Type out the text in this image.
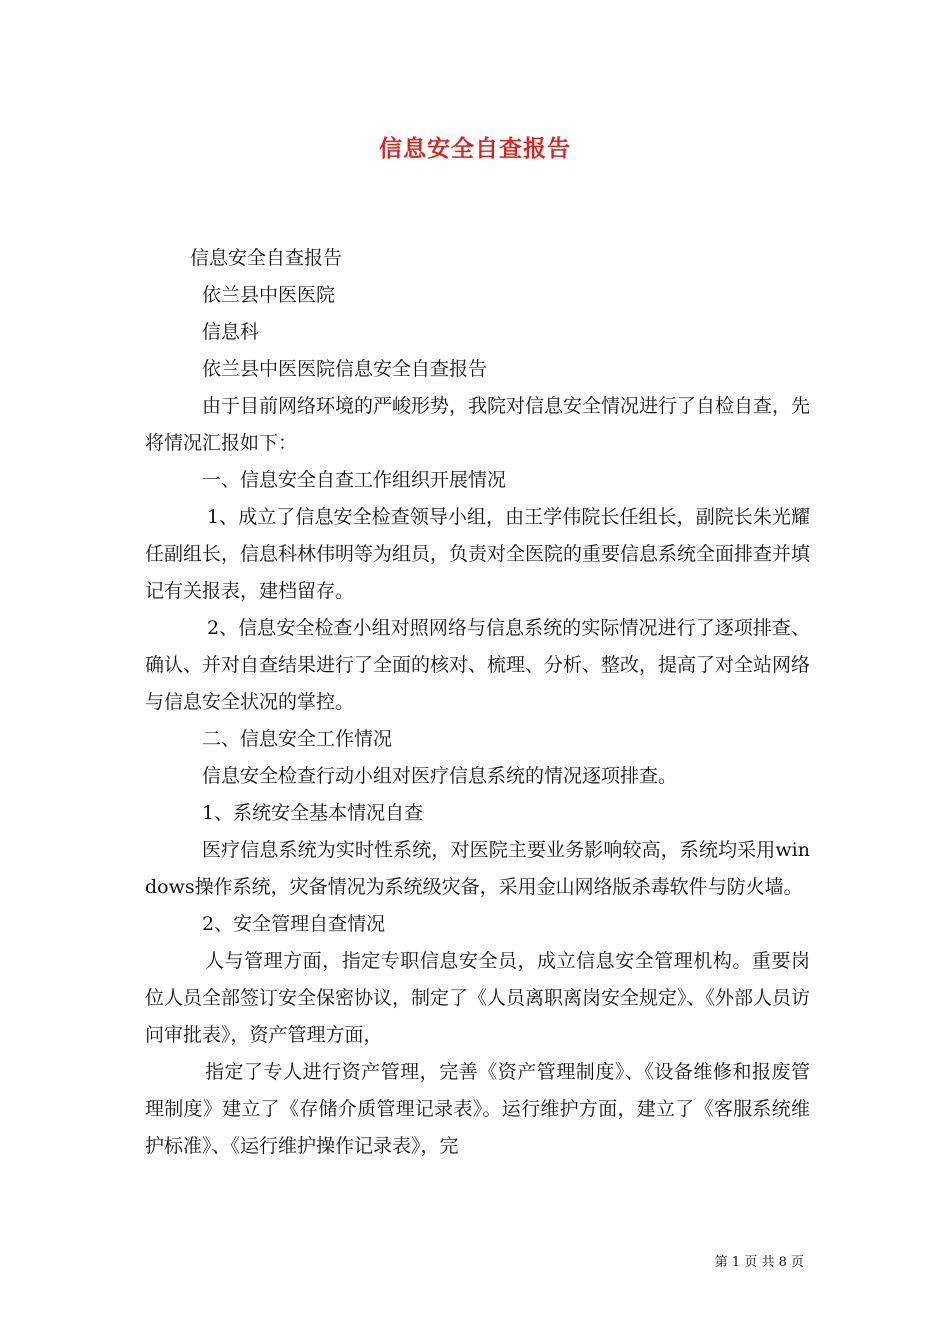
信息安全自查报告

信息安全自查报告

依兰县中医医院

信息科

依兰县中医医院信息安全自查报告

由于目前网络环境的严峻形势，我院对信息安全情况进行了自检自查，先将情况汇报如下：

一、信息安全自查工作组织开展情况

1、成立了信息安全检查领导小组，由王学伟院长任组长，副院长朱光耀任副组长，信息科林伟明等为组员，负责对全医院的重要信息系统全面排查并填记有关报表，建档留存。

2、信息安全检查小组对照网络与信息系统的实际情况进行了逐项排查、确认、并对自查结果进行了全面的核对、梳理、分析、整改，提高了对全站网络与信息安全状况的掌控。

二、信息安全工作情况

信息安全检查行动小组对医疗信息系统的情况逐项排查。

1、系统安全基本情况自查

医疗信息系统为实时性系统，对医院主要业务影响较高，系统均采用windows操作系统，灾备情况为系统级灾备，采用金山网络版杀毒软件与防火墙。

2、安全管理自查情况

人与管理方面，指定专职信息安全员，成立信息安全管理机构。重要岗位人员全部签订安全保密协议，制定了《人员离职离岗安全规定》、《外部人员访问审批表》，资产管理方面，

指定了专人进行资产管理，完善《资产管理制度》、《设备维修和报废管理制度》建立了《存储介质管理记录表》。运行维护方面，建立了《客服系统维护标准》、《运行维护操作记录表》，完

第 1 页 共 8 页
